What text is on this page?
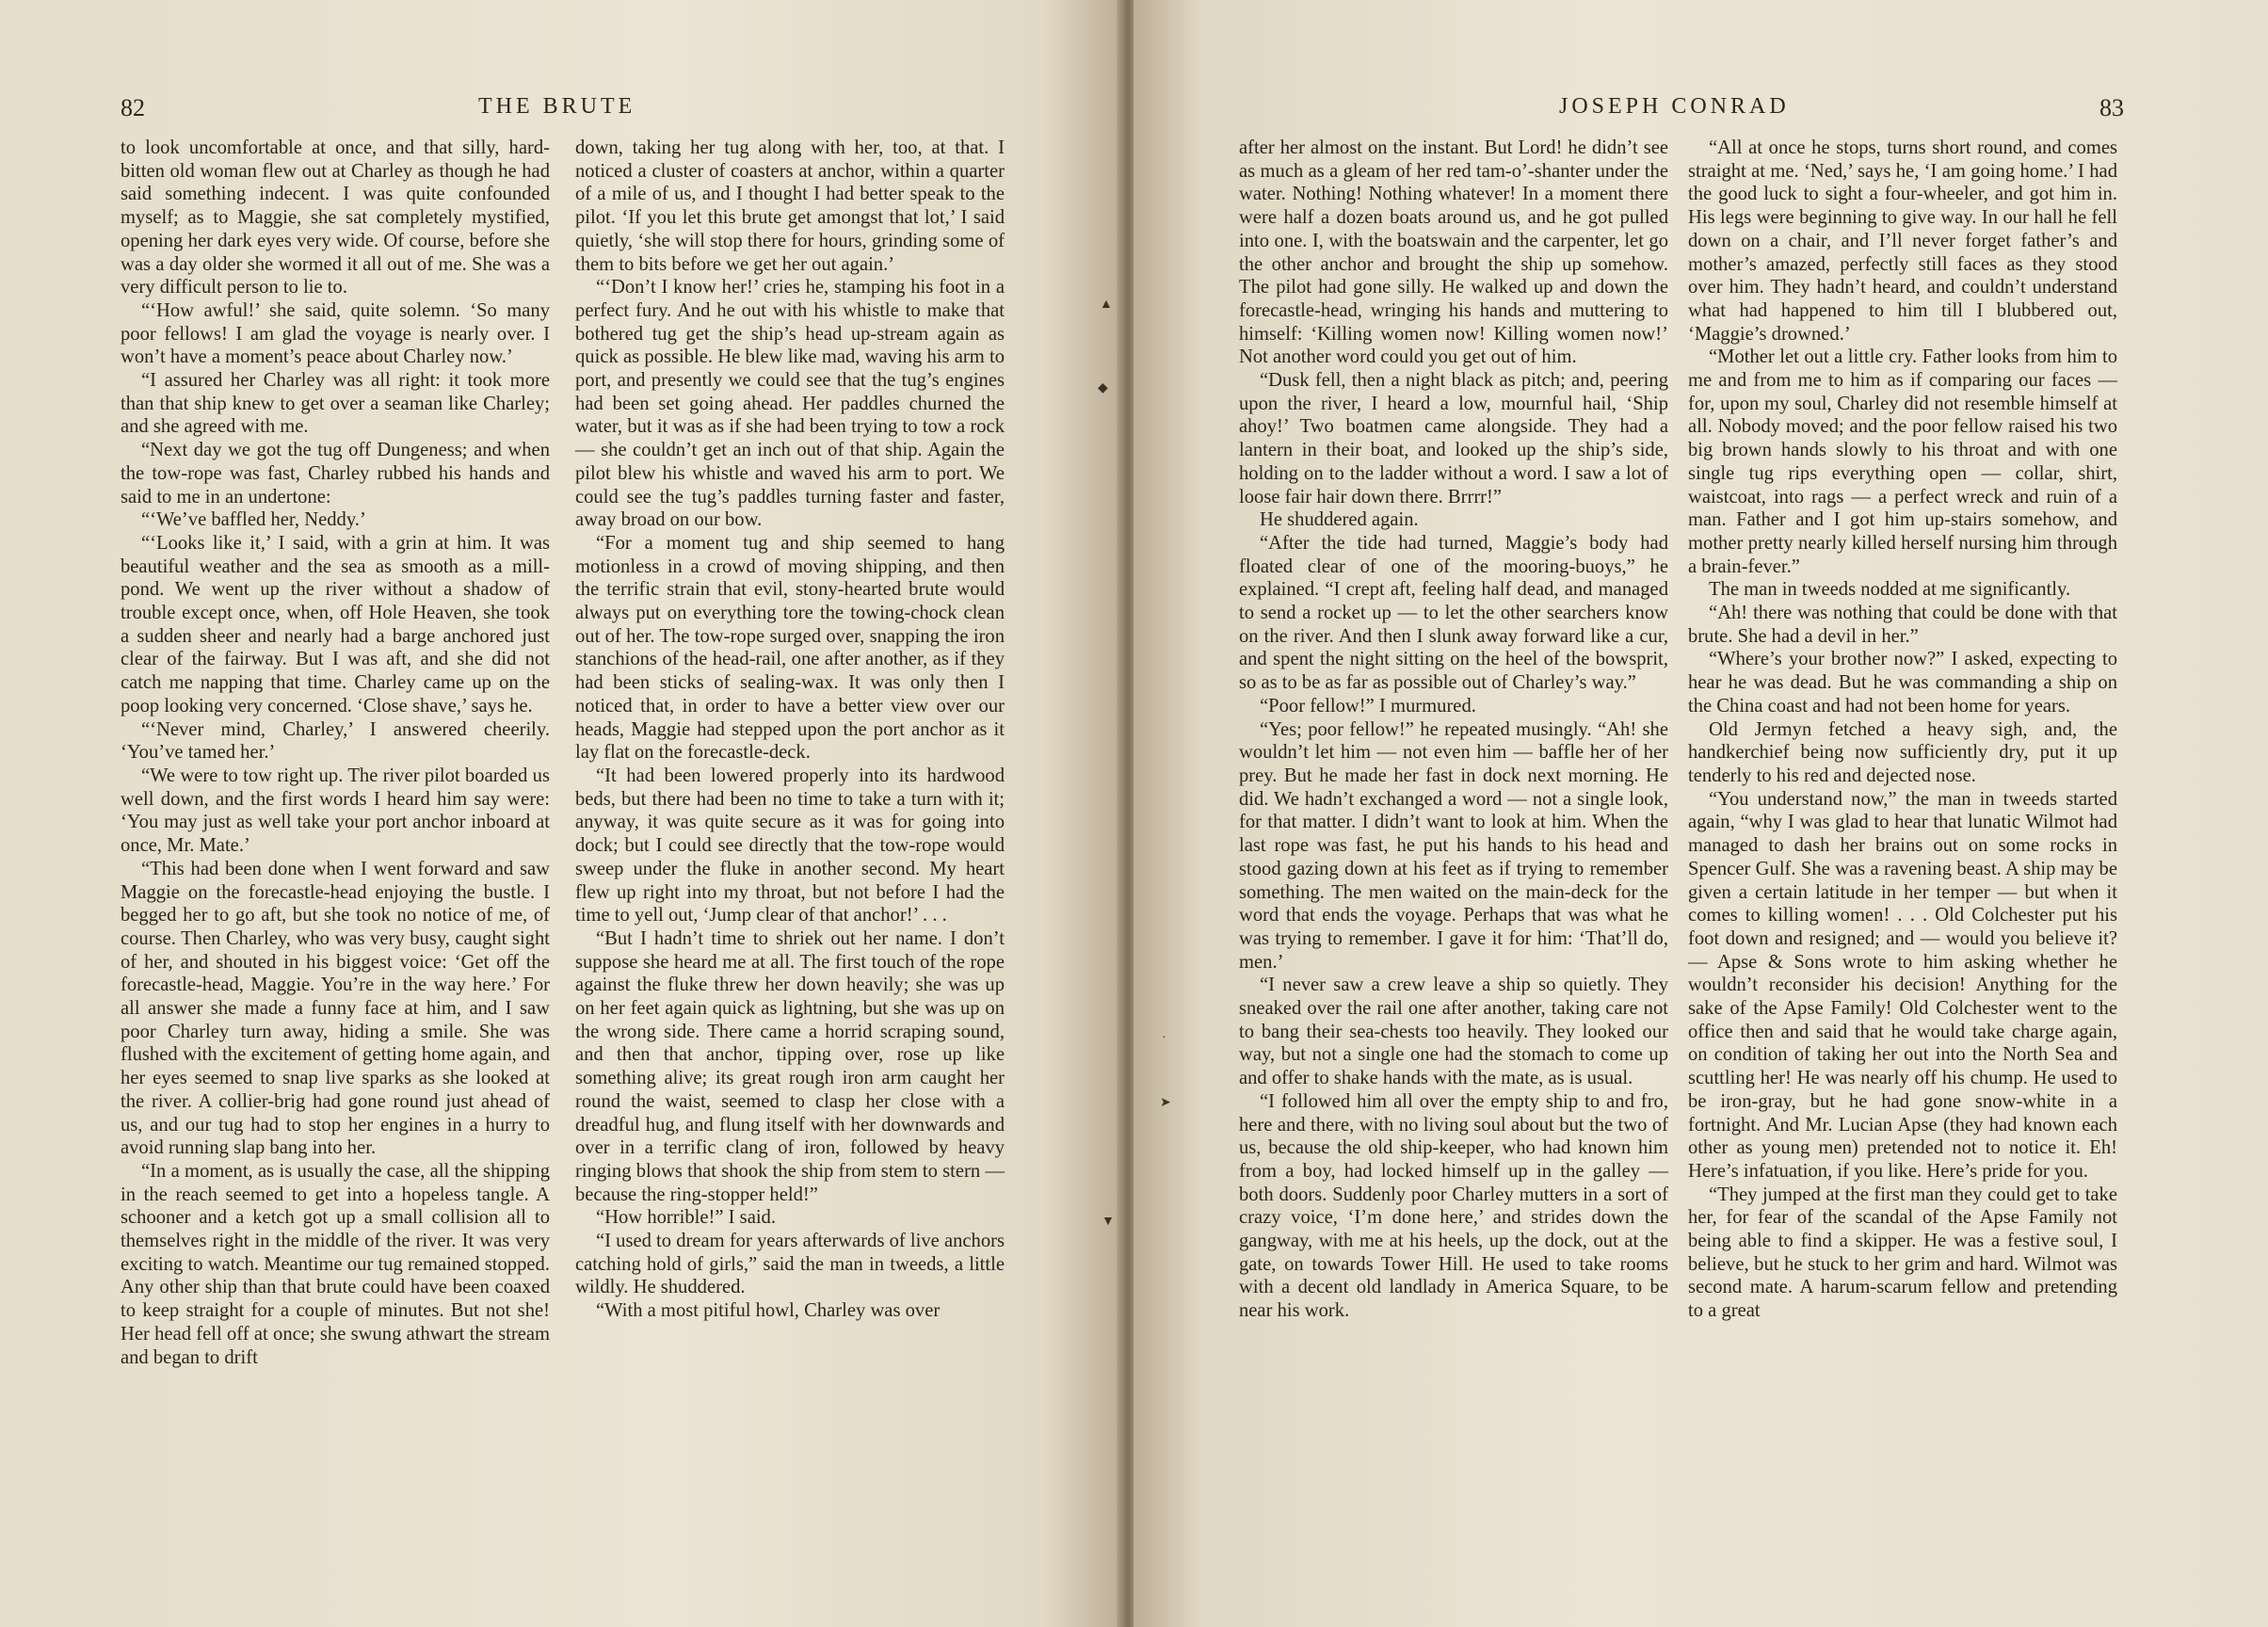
82	THE BRUTE

to look uncomfortable at once, and that silly, hard-bitten old woman flew out at Charley as though he had said something indecent. I was quite confounded myself; as to Maggie, she sat completely mystified, opening her dark eyes very wide. Of course, before she was a day older she wormed it all out of me. She was a very difficult person to lie to.

“‘How awful!’ she said, quite solemn. ‘So many poor fellows! I am glad the voyage is nearly over. I won’t have a moment’s peace about Charley now.’

“I assured her Charley was all right: it took more than that ship knew to get over a seaman like Charley; and she agreed with me.

“Next day we got the tug off Dungeness; and when the tow-rope was fast, Charley rubbed his hands and said to me in an undertone:

“‘We’ve baffled her, Neddy.’

“‘Looks like it,’ I said, with a grin at him. It was beautiful weather and the sea as smooth as a mill-pond. We went up the river without a shadow of trouble except once, when, off Hole Heaven, she took a sudden sheer and nearly had a barge anchored just clear of the fairway. But I was aft, and she did not catch me napping that time. Charley came up on the poop looking very concerned. ‘Close shave,’ says he.

“‘Never mind, Charley,’ I answered cheerily. ‘You’ve tamed her.’

“We were to tow right up. The river pilot boarded us well down, and the first words I heard him say were: ‘You may just as well take your port anchor inboard at once, Mr. Mate.’

“This had been done when I went forward and saw Maggie on the forecastle-head enjoying the bustle. I begged her to go aft, but she took no notice of me, of course. Then Charley, who was very busy, caught sight of her, and shouted in his biggest voice: ‘Get off the forecastle-head, Maggie. You’re in the way here.’ For all answer she made a funny face at him, and I saw poor Charley turn away, hiding a smile. She was flushed with the excitement of getting home again, and her eyes seemed to snap live sparks as she looked at the river. A collier-brig had gone round just ahead of us, and our tug had to stop her engines in a hurry to avoid running slap bang into her.

“In a moment, as is usually the case, all the shipping in the reach seemed to get into a hopeless tangle. A schooner and a ketch got up a small collision all to themselves right in the middle of the river. It was very exciting to watch. Meantime our tug remained stopped. Any other ship than that brute could have been coaxed to keep straight for a couple of minutes. But not she! Her head fell off at once; she swung athwart the stream and began to drift

down, taking her tug along with her, too, at that. I noticed a cluster of coasters at anchor, within a quarter of a mile of us, and I thought I had better speak to the pilot. ‘If you let this brute get amongst that lot,’ I said quietly, ‘she will stop there for hours, grinding some of them to bits before we get her out again.’

“‘Don’t I know her!’ cries he, stamping his foot in a perfect fury. And he out with his whistle to make that bothered tug get the ship’s head up-stream again as quick as possible. He blew like mad, waving his arm to port, and presently we could see that the tug’s engines had been set going ahead. Her paddles churned the water, but it was as if she had been trying to tow a rock — she couldn’t get an inch out of that ship. Again the pilot blew his whistle and waved his arm to port. We could see the tug’s paddles turning faster and faster, away broad on our bow.

“For a moment tug and ship seemed to hang motionless in a crowd of moving shipping, and then the terrific strain that evil, stony-hearted brute would always put on everything tore the towing-chock clean out of her. The tow-rope surged over, snapping the iron stanchions of the head-rail, one after another, as if they had been sticks of sealing-wax. It was only then I noticed that, in order to have a better view over our heads, Maggie had stepped upon the port anchor as it lay flat on the forecastle-deck.

“It had been lowered properly into its hardwood beds, but there had been no time to take a turn with it; anyway, it was quite secure as it was for going into dock; but I could see directly that the tow-rope would sweep under the fluke in another second. My heart flew up right into my throat, but not before I had the time to yell out, ‘Jump clear of that anchor!’ . . .

“But I hadn’t time to shriek out her name. I don’t suppose she heard me at all. The first touch of the rope against the fluke threw her down heavily; she was up on her feet again quick as lightning, but she was up on the wrong side. There came a horrid scraping sound, and then that anchor, tipping over, rose up like something alive; its great rough iron arm caught her round the waist, seemed to clasp her close with a dreadful hug, and flung itself with her downwards and over in a terrific clang of iron, followed by heavy ringing blows that shook the ship from stem to stern — because the ring-stopper held!”

“How horrible!” I said.

“I used to dream for years afterwards of live anchors catching hold of girls,” said the man in tweeds, a little wildly. He shuddered.

“With a most pitiful howl, Charley was over

▲
◆
▼
JOSEPH CONRAD	83

after her almost on the instant. But Lord! he didn’t see as much as a gleam of her red tam-o’-shanter under the water. Nothing! Nothing whatever! In a moment there were half a dozen boats around us, and he got pulled into one. I, with the boatswain and the carpenter, let go the other anchor and brought the ship up somehow. The pilot had gone silly. He walked up and down the forecastle-head, wringing his hands and muttering to himself: ‘Killing women now! Killing women now!’ Not another word could you get out of him.

“Dusk fell, then a night black as pitch; and, peering upon the river, I heard a low, mournful hail, ‘Ship ahoy!’ Two boatmen came alongside. They had a lantern in their boat, and looked up the ship’s side, holding on to the ladder without a word. I saw a lot of loose fair hair down there. Brrrr!”

He shuddered again.

“After the tide had turned, Maggie’s body had floated clear of one of the mooring-buoys,” he explained. “I crept aft, feeling half dead, and managed to send a rocket up — to let the other searchers know on the river. And then I slunk away forward like a cur, and spent the night sitting on the heel of the bowsprit, so as to be as far as possible out of Charley’s way.”

“Poor fellow!” I murmured.

“Yes; poor fellow!” he repeated musingly. “Ah! she wouldn’t let him — not even him — baffle her of her prey. But he made her fast in dock next morning. He did. We hadn’t exchanged a word — not a single look, for that matter. I didn’t want to look at him. When the last rope was fast, he put his hands to his head and stood gazing down at his feet as if trying to remember something. The men waited on the main-deck for the word that ends the voyage. Perhaps that was what he was trying to remember. I gave it for him: ‘That’ll do, men.’

“I never saw a crew leave a ship so quietly. They sneaked over the rail one after another, taking care not to bang their sea-chests too heavily. They looked our way, but not a single one had the stomach to come up and offer to shake hands with the mate, as is usual.

“I followed him all over the empty ship to and fro, here and there, with no living soul about but the two of us, because the old ship-keeper, who had known him from a boy, had locked himself up in the galley — both doors. Suddenly poor Charley mutters in a sort of crazy voice, ‘I’m done here,’ and strides down the gangway, with me at his heels, up the dock, out at the gate, on towards Tower Hill. He used to take rooms with a decent old landlady in America Square, to be near his work.

“All at once he stops, turns short round, and comes straight at me. ‘Ned,’ says he, ‘I am going home.’ I had the good luck to sight a four-wheeler, and got him in. His legs were beginning to give way. In our hall he fell down on a chair, and I’ll never forget father’s and mother’s amazed, perfectly still faces as they stood over him. They hadn’t heard, and couldn’t understand what had happened to him till I blubbered out, ‘Maggie’s drowned.’

“Mother let out a little cry. Father looks from him to me and from me to him as if comparing our faces — for, upon my soul, Charley did not resemble himself at all. Nobody moved; and the poor fellow raised his two big brown hands slowly to his throat and with one single tug rips everything open — collar, shirt, waistcoat, into rags — a perfect wreck and ruin of a man. Father and I got him up-stairs somehow, and mother pretty nearly killed herself nursing him through a brain-fever.”

The man in tweeds nodded at me significantly.

“Ah! there was nothing that could be done with that brute. She had a devil in her.”

“Where’s your brother now?” I asked, expecting to hear he was dead. But he was commanding a ship on the China coast and had not been home for years.

Old Jermyn fetched a heavy sigh, and, the handkerchief being now sufficiently dry, put it up tenderly to his red and dejected nose.

“You understand now,” the man in tweeds started again, “why I was glad to hear that lunatic Wilmot had managed to dash her brains out on some rocks in Spencer Gulf. She was a ravening beast. A ship may be given a certain latitude in her temper — but when it comes to killing women! . . . Old Colchester put his foot down and resigned; and — would you believe it? — Apse & Sons wrote to him asking whether he wouldn’t reconsider his decision! Anything for the sake of the Apse Family! Old Colchester went to the office then and said that he would take charge again, on condition of taking her out into the North Sea and scuttling her! He was nearly off his chump. He used to be iron-gray, but he had gone snow-white in a fortnight. And Mr. Lucian Apse (they had known each other as young men) pretended not to notice it. Eh! Here’s infatuation, if you like. Here’s pride for you.

“They jumped at the first man they could get to take her, for fear of the scandal of the Apse Family not being able to find a skipper. He was a festive soul, I believe, but he stuck to her grim and hard. Wilmot was second mate. A harum-scarum fellow and pretending to a great

·
➤
